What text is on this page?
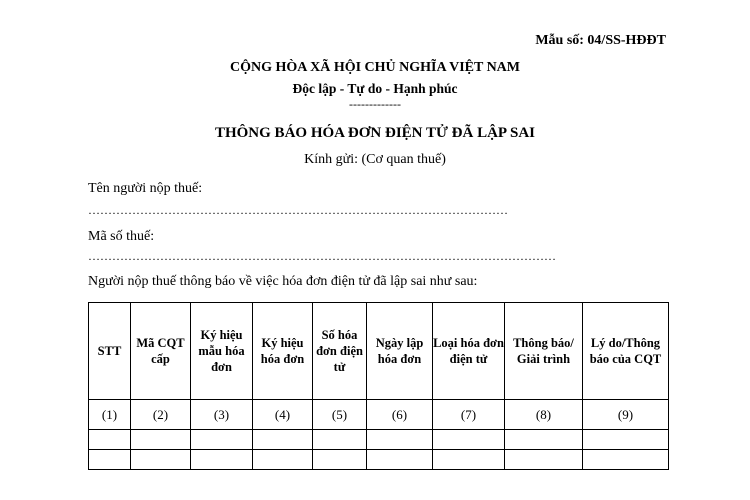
Mẫu số: 04/SS-HĐĐT
CỘNG HÒA XÃ HỘI CHỦ NGHĨA VIỆT NAM
Độc lập - Tự do - Hạnh phúc
-------------
THÔNG BÁO HÓA ĐƠN ĐIỆN TỬ ĐÃ LẬP SAI
Kính gửi: (Cơ quan thuế)
Tên người nộp thuế:
……………………………………………………………………………………………
Mã số thuế:
………………………………………………………………………………………………………
Người nộp thuế thông báo về việc hóa đơn điện tử đã lập sai như sau:
STT	Mã CQT cấp	Ký hiệu mẫu hóa đơn	Ký hiệu hóa đơn	Số hóa đơn điện tử	Ngày lập hóa đơn	Loại hóa đơn điện tử	Thông báo/ Giải trình	Lý do/Thông báo của CQT
(1)	(2)	(3)	(4)	(5)	(6)	(7)	(8)	(9)
